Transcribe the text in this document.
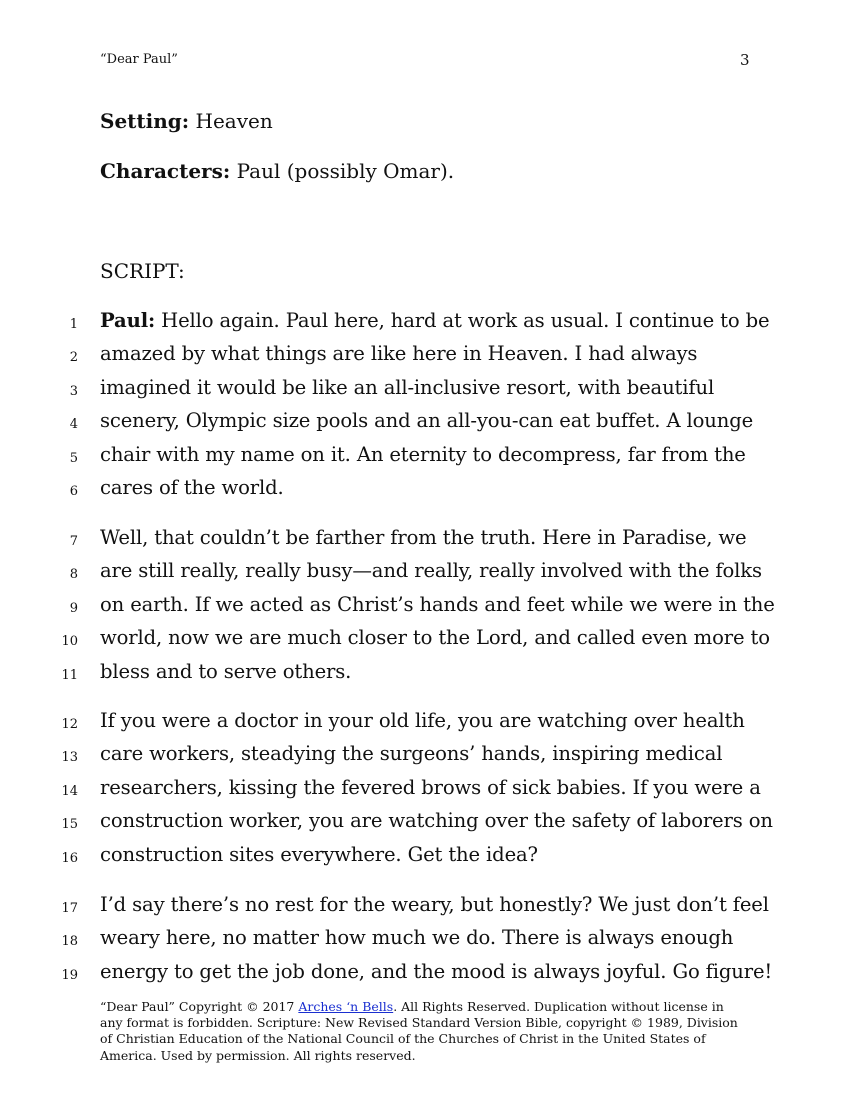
“Dear Paul”	3
Setting: Heaven
Characters: Paul (possibly Omar).
SCRIPT:
1 Paul: Hello again. Paul here, hard at work as usual. I continue to be
2 amazed by what things are like here in Heaven. I had always
3 imagined it would be like an all-inclusive resort, with beautiful
4 scenery, Olympic size pools and an all-you-can eat buffet. A lounge
5 chair with my name on it. An eternity to decompress, far from the
6 cares of the world.
7 Well, that couldn’t be farther from the truth. Here in Paradise, we
8 are still really, really busy—and really, really involved with the folks
9 on earth. If we acted as Christ’s hands and feet while we were in the
10 world, now we are much closer to the Lord, and called even more to
11 bless and to serve others.
12 If you were a doctor in your old life, you are watching over health
13 care workers, steadying the surgeons’ hands, inspiring medical
14 researchers, kissing the fevered brows of sick babies. If you were a
15 construction worker, you are watching over the safety of laborers on
16 construction sites everywhere. Get the idea?
17 I’d say there’s no rest for the weary, but honestly? We just don’t feel
18 weary here, no matter how much we do. There is always enough
19 energy to get the job done, and the mood is always joyful. Go figure!
“Dear Paul” Copyright © 2017 Arches ‘n Bells. All Rights Reserved. Duplication without license in any format is forbidden. Scripture: New Revised Standard Version Bible, copyright © 1989, Division of Christian Education of the National Council of the Churches of Christ in the United States of America. Used by permission. All rights reserved.
